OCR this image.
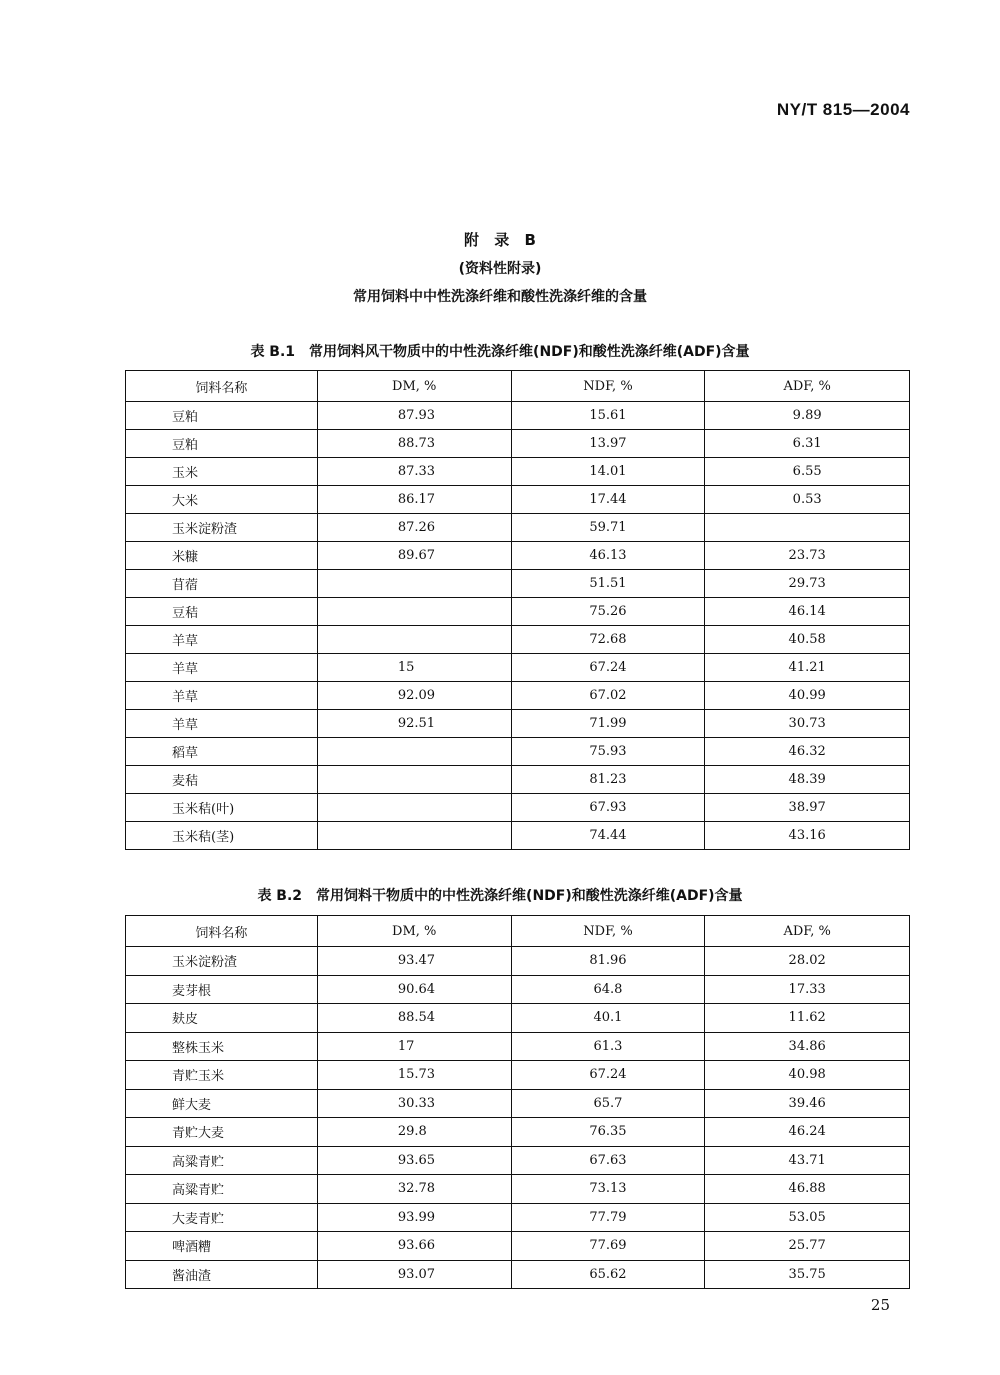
NY/T 815—2004
附 录 B
(资料性附录)
常用饲料中中性洗涤纤维和酸性洗涤纤维的含量
表 B.1 常用饲料风干物质中的中性洗涤纤维(NDF)和酸性洗涤纤维(ADF)含量
饲料名称	DM, %	NDF, %	ADF, %
豆粕	87.93	15.61	9.89
豆粕	88.73	13.97	6.31
玉米	87.33	14.01	6.55
大米	86.17	17.44	0.53
玉米淀粉渣	87.26	59.71	
米糠	89.67	46.13	23.73
苜蓿		51.51	29.73
豆秸		75.26	46.14
羊草		72.68	40.58
羊草	15	67.24	41.21
羊草	92.09	67.02	40.99
羊草	92.51	71.99	30.73
稻草		75.93	46.32
麦秸		81.23	48.39
玉米秸(叶)		67.93	38.97
玉米秸(茎)		74.44	43.16
表 B.2 常用饲料干物质中的中性洗涤纤维(NDF)和酸性洗涤纤维(ADF)含量
饲料名称	DM, %	NDF, %	ADF, %
玉米淀粉渣	93.47	81.96	28.02
麦芽根	90.64	64.8	17.33
麸皮	88.54	40.1	11.62
整株玉米	17	61.3	34.86
青贮玉米	15.73	67.24	40.98
鲜大麦	30.33	65.7	39.46
青贮大麦	29.8	76.35	46.24
高粱青贮	93.65	67.63	43.71
高粱青贮	32.78	73.13	46.88
大麦青贮	93.99	77.79	53.05
啤酒糟	93.66	77.69	25.77
酱油渣	93.07	65.62	35.75
25
